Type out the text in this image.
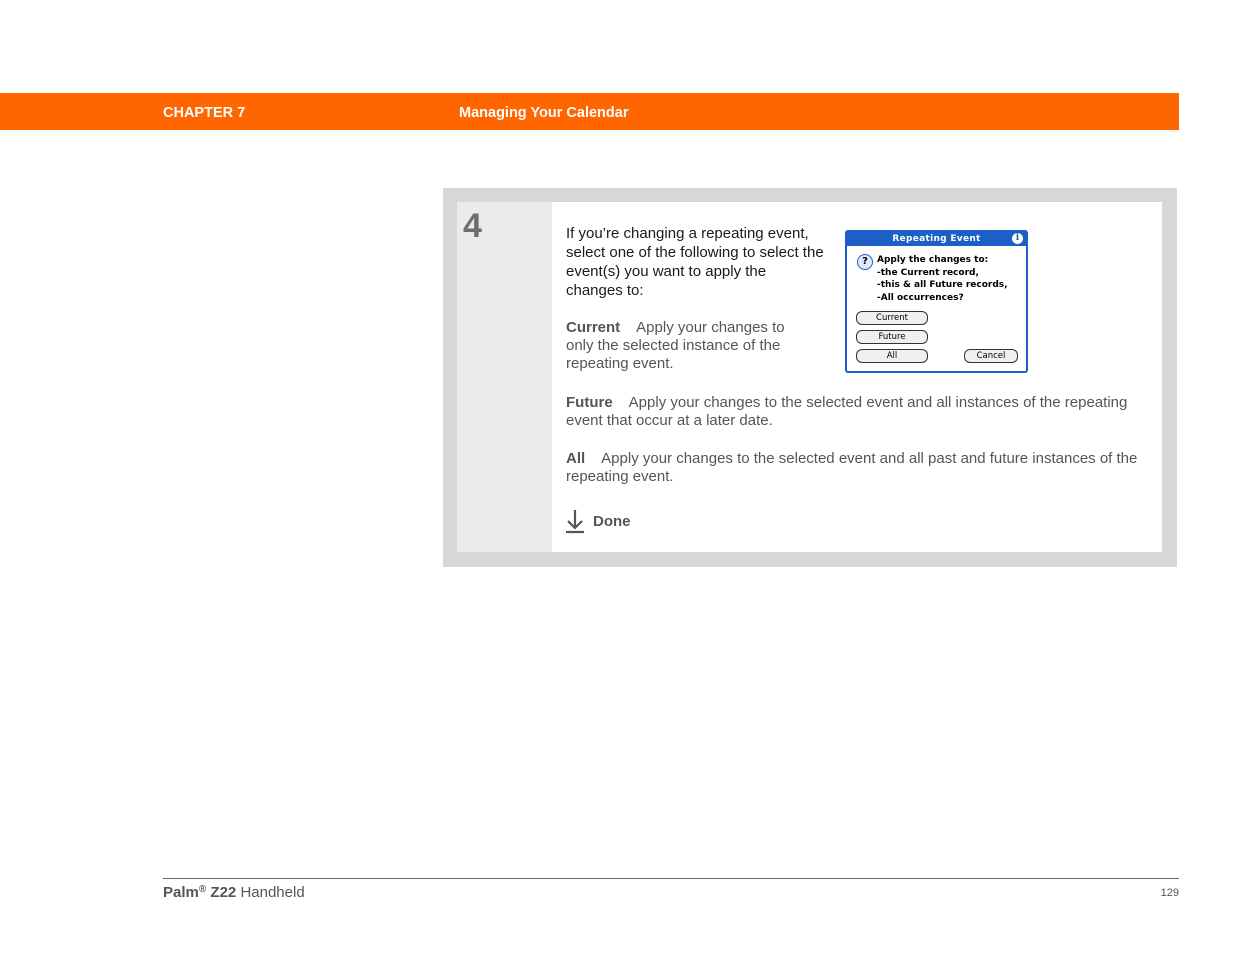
CHAPTER 7	Managing Your Calendar
4	If you’re changing a repeating event, select one of the following to select the event(s) you want to apply the changes to:
Repeating Event	i
?	Apply the changes to:
-the Current record,
-this & all Future records,
-All occurrences?
Current
Future
All	Cancel
Current Apply your changes to only the selected instance of the repeating event.
Future Apply your changes to the selected event and all instances of the repeating event that occur at a later date.
All Apply your changes to the selected event and all past and future instances of the repeating event.
Done
Palm® Z22 Handheld	129
